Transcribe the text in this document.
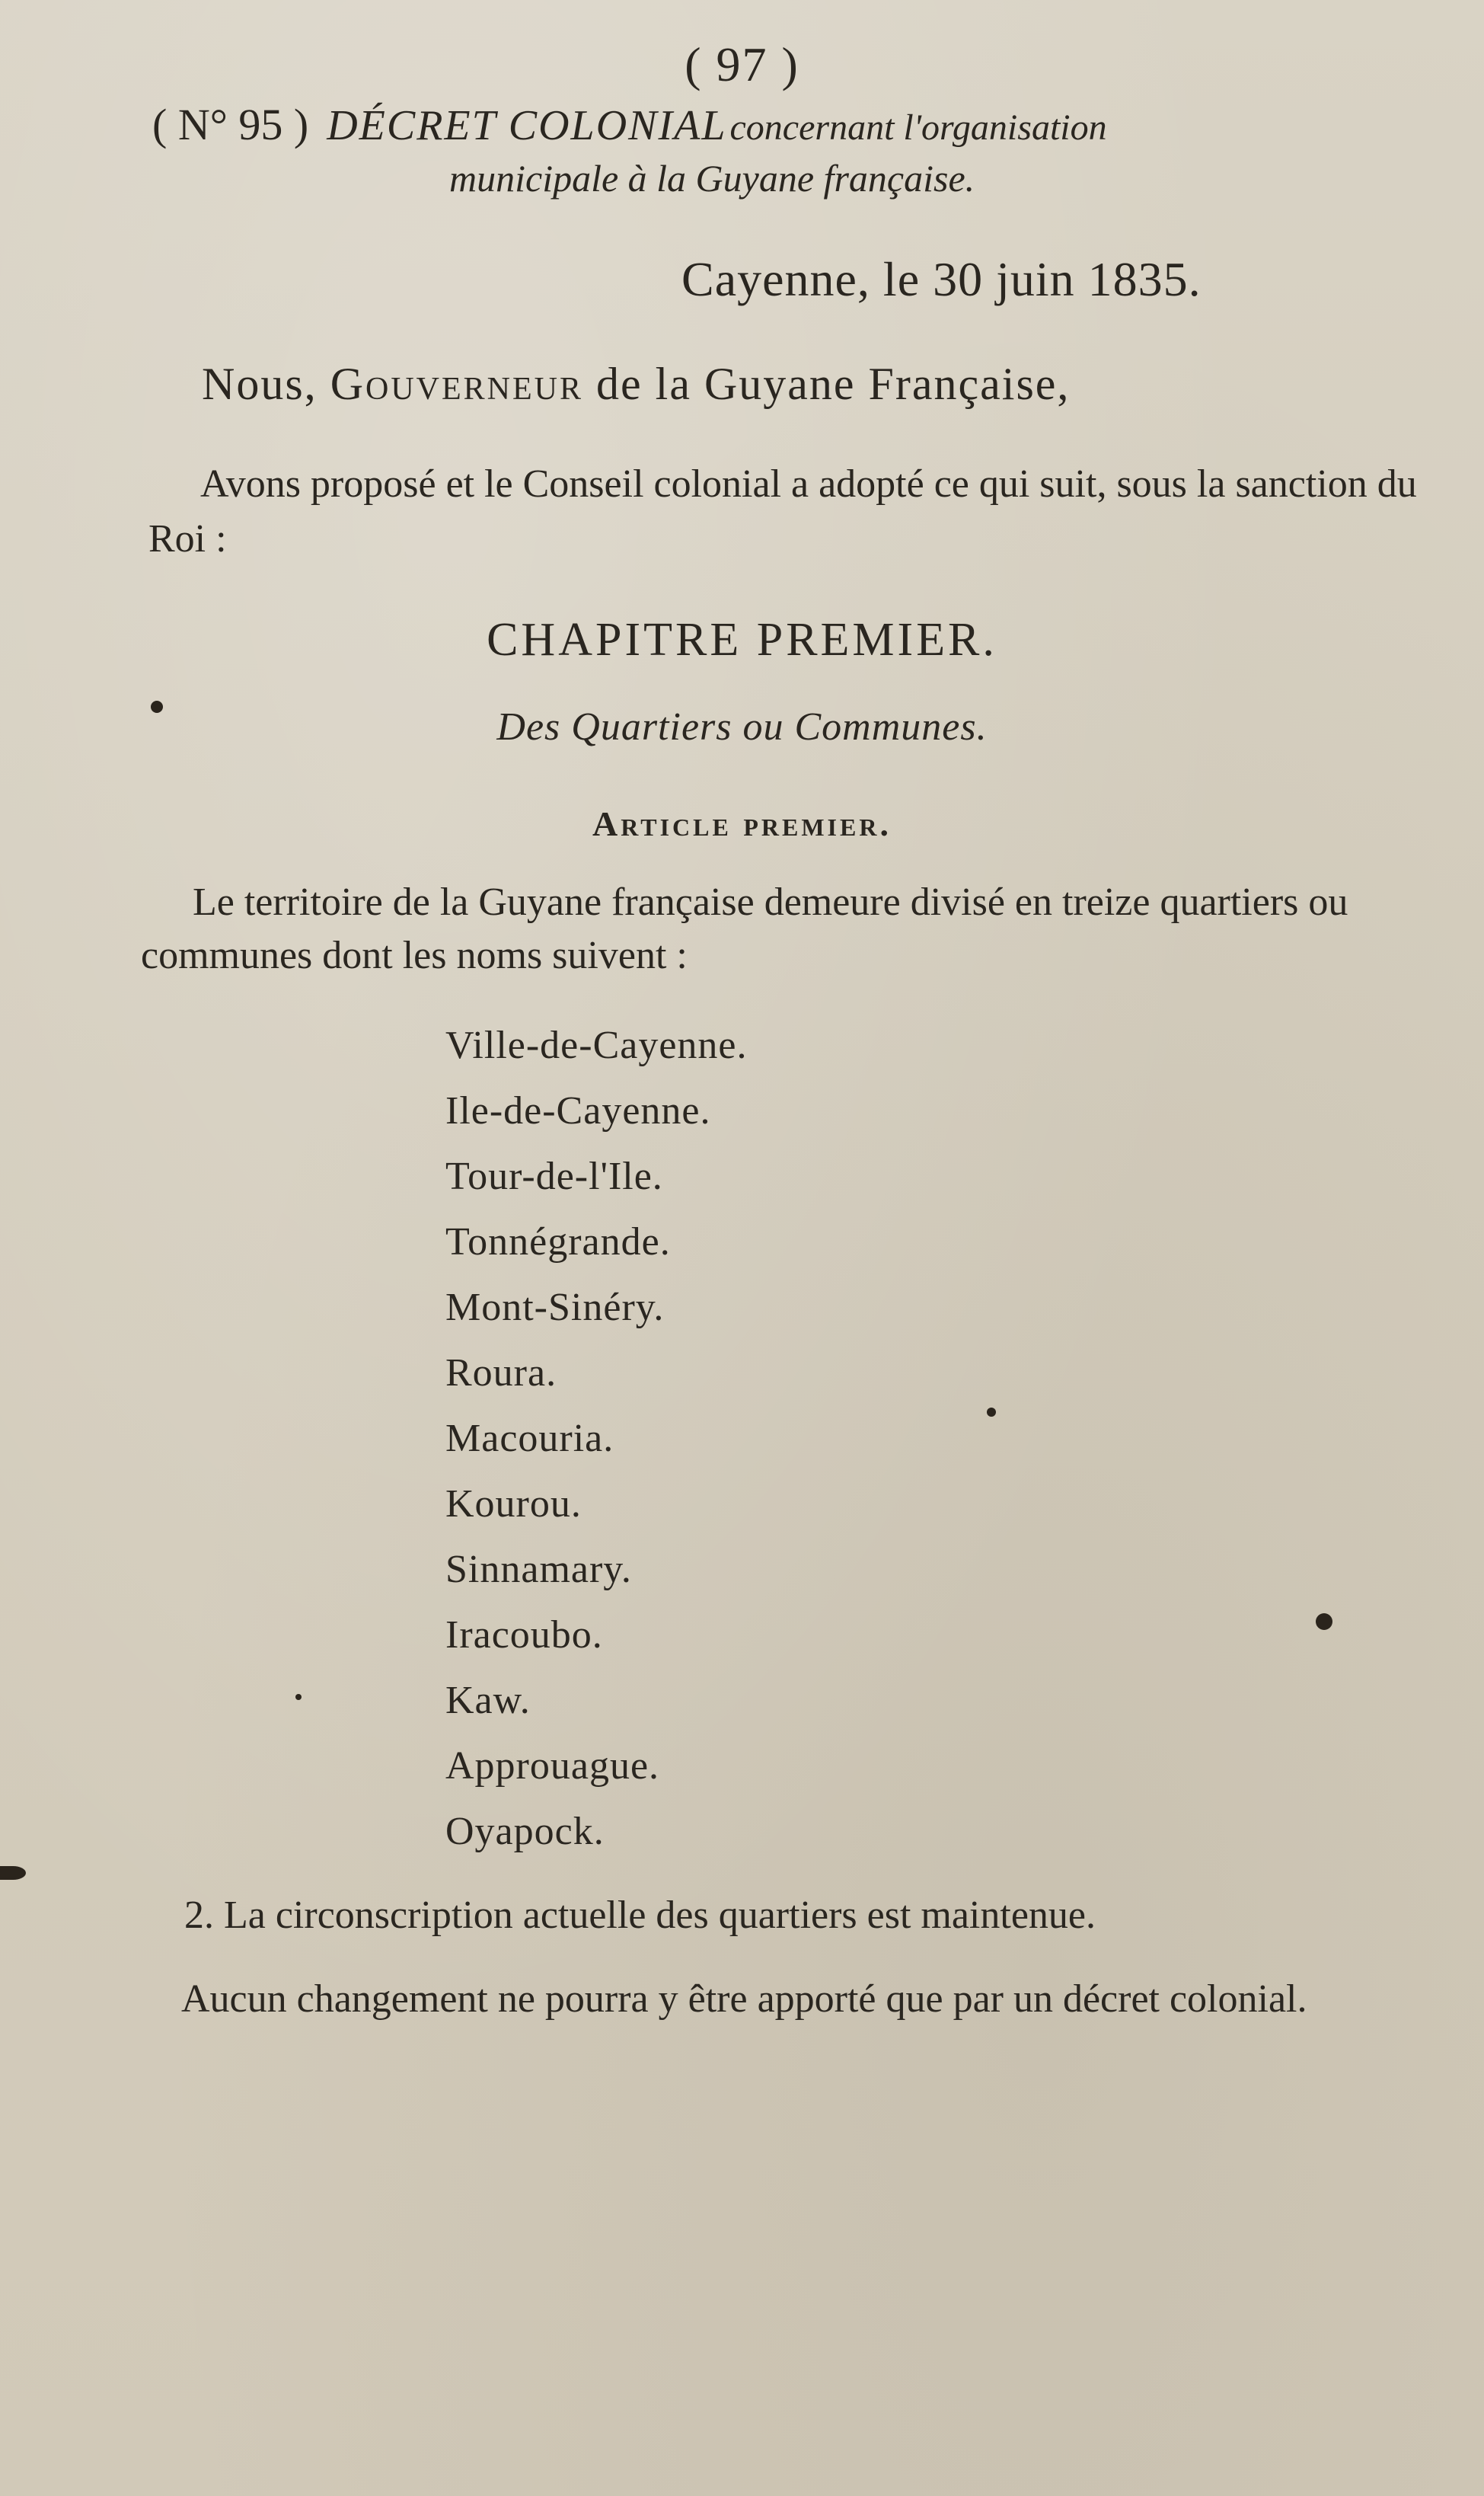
( 97 )
( N° 95 ) DÉCRET COLONIAL concernant l'organisation
municipale à la Guyane française.
Cayenne, le 30 juin 1835.
Nous, Gouverneur de la Guyane Française,
Avons proposé et le Conseil colonial a adopté ce qui suit, sous la sanction du Roi :
CHAPITRE PREMIER.
Des Quartiers ou Communes.
Article premier.
Le territoire de la Guyane française demeure divisé en treize quartiers ou communes dont les noms suivent :
Ville-de-Cayenne.
Ile-de-Cayenne.
Tour-de-l'Ile.
Tonnégrande.
Mont-Sinéry.
Roura.
Macouria.
Kourou.
Sinnamary.
Iracoubo.
Kaw.
Approuague.
Oyapock.
2. La circonscription actuelle des quartiers est maintenue.
Aucun changement ne pourra y être apporté que par un décret colonial.
